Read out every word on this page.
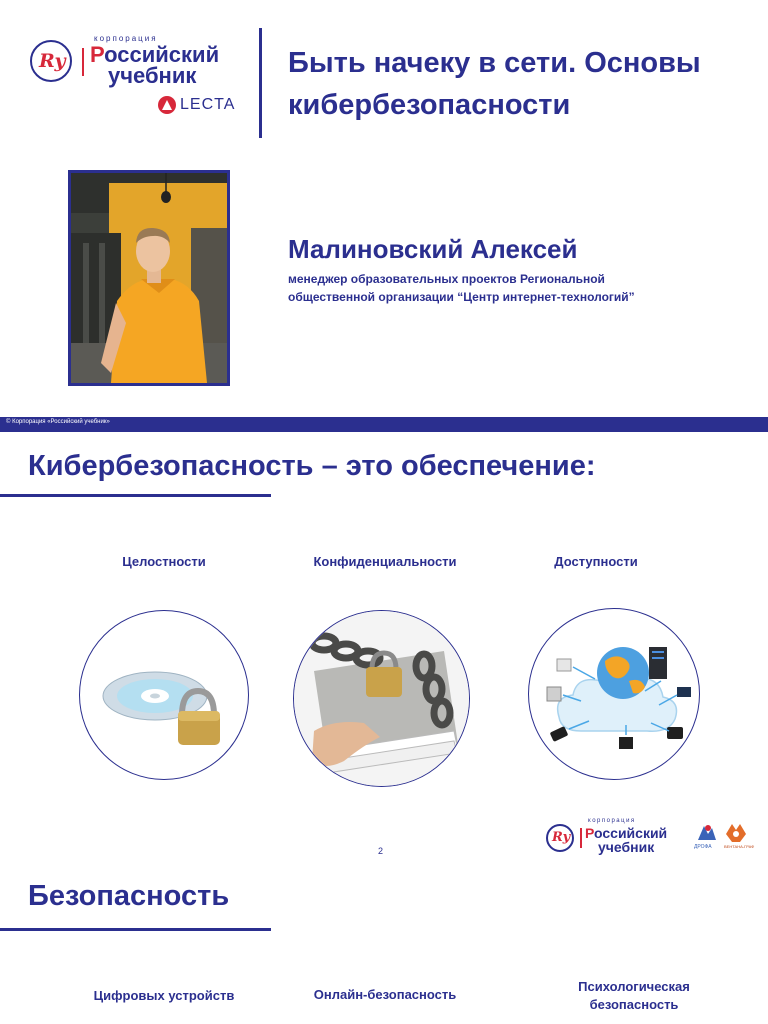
Ry
корпорация
Российский
учебник
LECTA
Быть начеку в сети. Основы
кибербезопасности
Малиновский Алексей
менеджер образовательных проектов Региональной
общественной организации “Центр интернет-технологий”
© Корпорация «Российский учебник»
Кибербезопасность – это обеспечение:
Целостности	Конфиденциальности	Доступности
2
Ry
корпорация
Российский
учебник	ДРОФА	ВЕНТАНА-ГРАФ
Безопасность
Цифровых устройств	Онлайн-безопасность
Психологическая
безопасность
